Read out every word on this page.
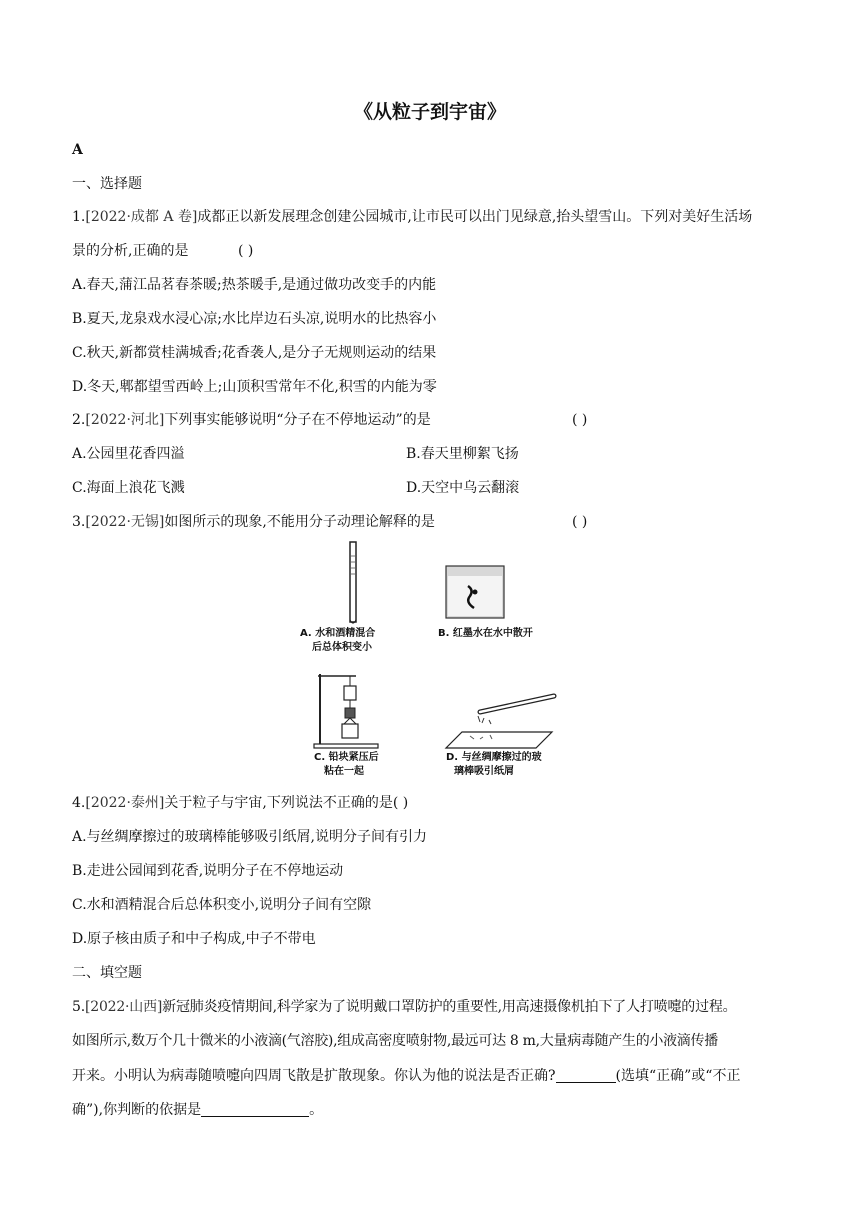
《从粒子到宇宙》
A
一、选择题
1.[2022·成都 A 卷]成都正以新发展理念创建公园城市,让市民可以出门见绿意,抬头望雪山。下列对美好生活场
景的分析,正确的是	( )
A.春天,蒲江品茗春茶暖;热茶暖手,是通过做功改变手的内能
B.夏天,龙泉戏水浸心凉;水比岸边石头凉,说明水的比热容小
C.秋天,新都赏桂满城香;花香袭人,是分子无规则运动的结果
D.冬天,郫都望雪西岭上;山顶积雪常年不化,积雪的内能为零
2.[2022·河北]下列事实能够说明“分子在不停地运动”的是	( )
A.公园里花香四溢	B.春天里柳絮飞扬
C.海面上浪花飞溅	D.天空中乌云翻滚
3.[2022·无锡]如图所示的现象,不能用分子动理论解释的是	( )
A. 水和酒精混合
后总体积变小
B. 红墨水在水中散开
C. 铅块紧压后
粘在一起
D. 与丝绸摩擦过的玻
璃棒吸引纸屑
4.[2022·泰州]关于粒子与宇宙,下列说法不正确的是( )
A.与丝绸摩擦过的玻璃棒能够吸引纸屑,说明分子间有引力
B.走进公园闻到花香,说明分子在不停地运动
C.水和酒精混合后总体积变小,说明分子间有空隙
D.原子核由质子和中子构成,中子不带电
二、填空题
5.[2022·山西]新冠肺炎疫情期间,科学家为了说明戴口罩防护的重要性,用高速摄像机拍下了人打喷嚏的过程。
如图所示,数万个几十微米的小液滴(气溶胶),组成高密度喷射物,最远可达 8 m,大量病毒随产生的小液滴传播
开来。小明认为病毒随喷嚏向四周飞散是扩散现象。你认为他的说法是否正确?	(选填“正确”或“不正
确”),你判断的依据是	。
